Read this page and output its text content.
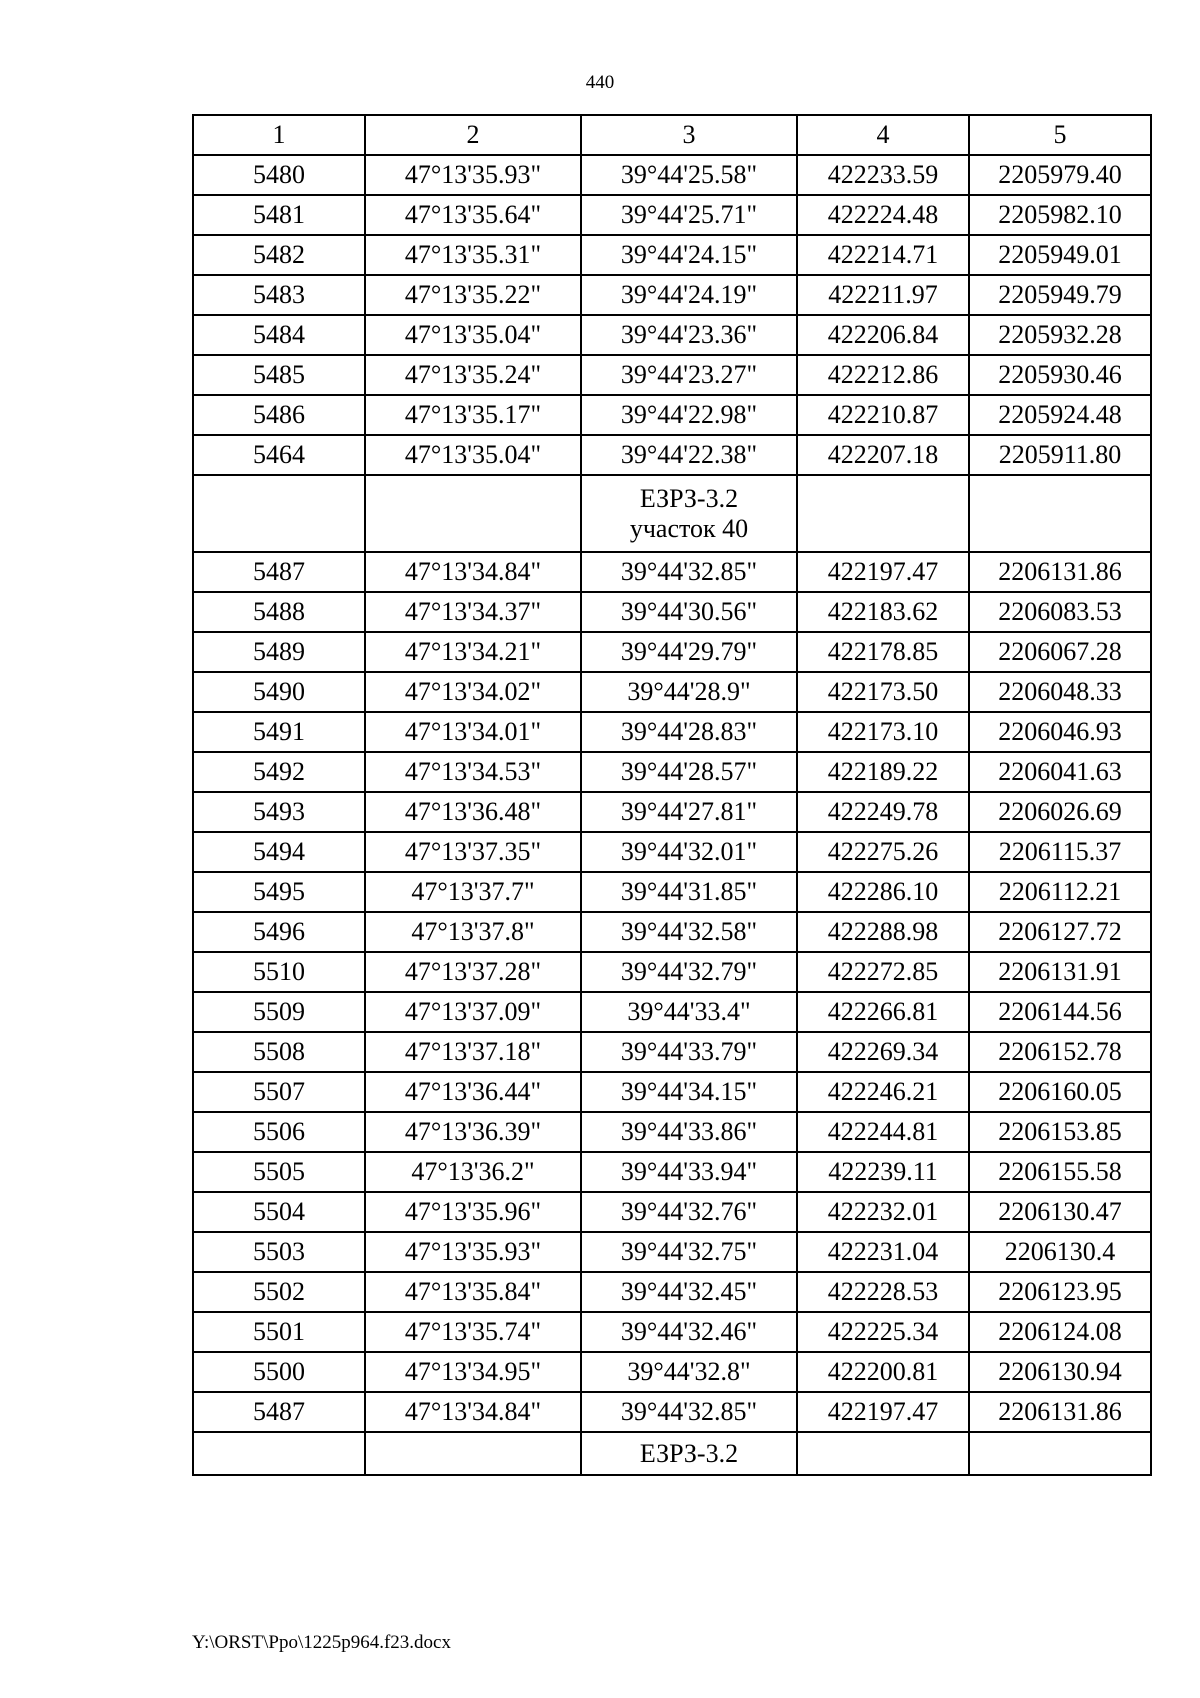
440
1	2	3	4	5
5480	47°13'35.93"	39°44'25.58"	422233.59	2205979.40
5481	47°13'35.64"	39°44'25.71"	422224.48	2205982.10
5482	47°13'35.31"	39°44'24.15"	422214.71	2205949.01
5483	47°13'35.22"	39°44'24.19"	422211.97	2205949.79
5484	47°13'35.04"	39°44'23.36"	422206.84	2205932.28
5485	47°13'35.24"	39°44'23.27"	422212.86	2205930.46
5486	47°13'35.17"	39°44'22.98"	422210.87	2205924.48
5464	47°13'35.04"	39°44'22.38"	422207.18	2205911.80

		ЕЗРЗ-3.2
участок 40		

5487	47°13'34.84"	39°44'32.85"	422197.47	2206131.86
5488	47°13'34.37"	39°44'30.56"	422183.62	2206083.53
5489	47°13'34.21"	39°44'29.79"	422178.85	2206067.28
5490	47°13'34.02"	39°44'28.9"	422173.50	2206048.33
5491	47°13'34.01"	39°44'28.83"	422173.10	2206046.93
5492	47°13'34.53"	39°44'28.57"	422189.22	2206041.63
5493	47°13'36.48"	39°44'27.81"	422249.78	2206026.69
5494	47°13'37.35"	39°44'32.01"	422275.26	2206115.37
5495	47°13'37.7"	39°44'31.85"	422286.10	2206112.21
5496	47°13'37.8"	39°44'32.58"	422288.98	2206127.72
5510	47°13'37.28"	39°44'32.79"	422272.85	2206131.91
5509	47°13'37.09"	39°44'33.4"	422266.81	2206144.56
5508	47°13'37.18"	39°44'33.79"	422269.34	2206152.78
5507	47°13'36.44"	39°44'34.15"	422246.21	2206160.05
5506	47°13'36.39"	39°44'33.86"	422244.81	2206153.85
5505	47°13'36.2"	39°44'33.94"	422239.11	2206155.58
5504	47°13'35.96"	39°44'32.76"	422232.01	2206130.47
5503	47°13'35.93"	39°44'32.75"	422231.04	2206130.4
5502	47°13'35.84"	39°44'32.45"	422228.53	2206123.95
5501	47°13'35.74"	39°44'32.46"	422225.34	2206124.08
5500	47°13'34.95"	39°44'32.8"	422200.81	2206130.94
5487	47°13'34.84"	39°44'32.85"	422197.47	2206131.86

		ЕЗРЗ-3.2		

Y:\ORST\Ppo\1225p964.f23.docx
